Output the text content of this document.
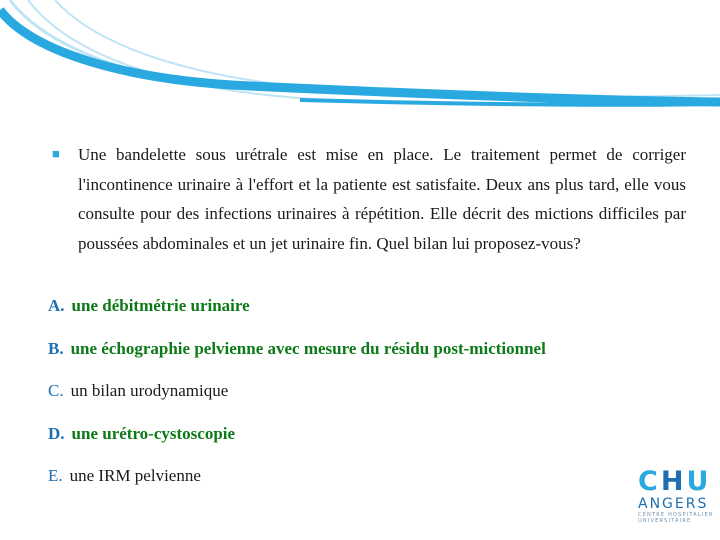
■	Une bandelette sous urétrale est mise en place. Le traitement permet de corriger l'incontinence urinaire à l'effort et la patiente est satisfaite. Deux ans plus tard, elle vous consulte pour des infections urinaires à répétition. Elle décrit des mictions difficiles par poussées abdominales et un jet urinaire fin. Quel bilan lui proposez-vous?

A. une débitmétrie urinaire
B. une échographie pelvienne avec mesure du résidu post-mictionnel
C. un bilan urodynamique
D. une urétro-cystoscopie
E. une IRM pelvienne	CHU
ANGERS
CENTRE HOSPITALIER
UNIVERSITAIRE
